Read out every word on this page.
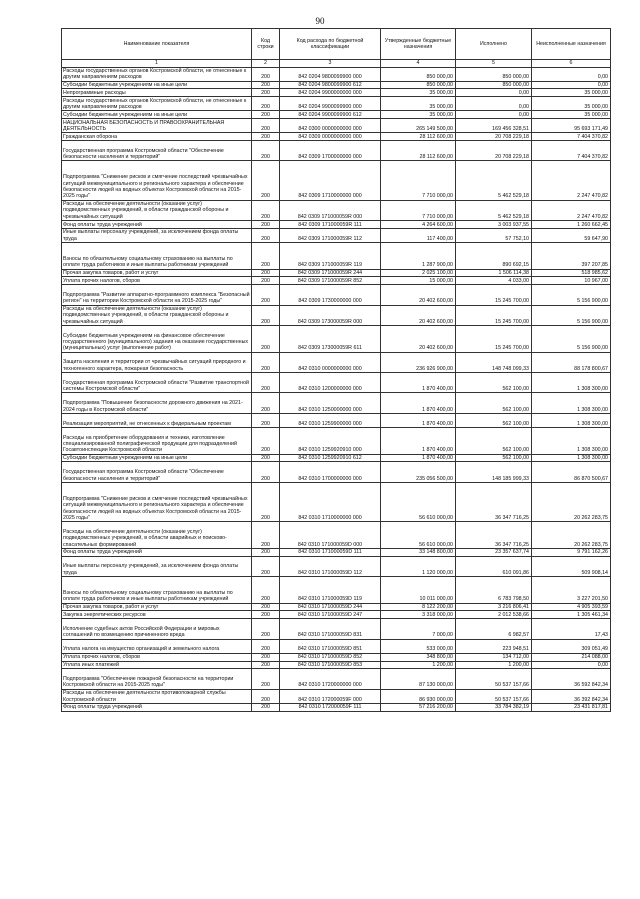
90
Наименование показателя	Код строки	Код расхода по бюджетной классификации	Утвержденные бюджетные назначения	Исполнено	Неисполненные назначения
1	2	3	4	5	6
Расходы государственных органов Костромской области, не отнесенные к другим направлениям расходов	200	842 0204 9800099900 000	850 000,00	850 000,00	0,00
Субсидии бюджетным учреждениям на иные цели	200	842 0204 9800099900 612	850 000,00	850 000,00	0,00
Непрограммные расходы	200	842 0204 9900000000 000	35 000,00	0,00	35 000,00
Расходы государственных органов Костромской области, не отнесенные к другим направлениям расходов	200	842 0204 9900099900 000	35 000,00	0,00	35 000,00
Субсидии бюджетным учреждениям на иные цели	200	842 0204 9900099900 612	35 000,00	0,00	35 000,00
НАЦИОНАЛЬНАЯ БЕЗОПАСНОСТЬ И ПРАВООХРАНИТЕЛЬНАЯ ДЕЯТЕЛЬНОСТЬ	200	842 0300 0000000000 000	265 149 500,00	169 456 328,51	95 693 171,49
Гражданская оборона	200	842 0309 0000000000 000	28 112 600,00	20 708 229,18	7 404 370,82
Государственная программа Костромской области "Обеспечение безопасности населения и территорий"	200	842 0309 1700000000 000	28 112 600,00	20 708 229,18	7 404 370,82
Подпрограмма "Снижение рисков и смягчение последствий чрезвычайных ситуаций межмуниципального и регионального характера и обеспечение безопасности людей на водных объектах Костромской области на 2015-2025 годы"	200	842 0309 1710000000 000	7 710 000,00	5 462 529,18	2 247 470,82
Расходы на обеспечение деятельности (оказание услуг) подведомственных учреждений, в области гражданской обороны и чрезвычайных ситуаций	200	842 0309 171000059R 000	7 710 000,00	5 462 529,18	2 247 470,82
Фонд оплаты труда учреждений	200	842 0309 171000059R 111	4 264 600,00	3 003 937,55	1 260 662,45
Иные выплаты персоналу учреждений, за исключением фонда оплаты труда	200	842 0309 171000059R 112	117 400,00	57 752,10	59 647,90
Взносы по обязательному социальному страхованию на выплаты по оплате труда работников и иные выплаты работникам учреждений	200	842 0309 171000059R 119	1 287 900,00	890 692,15	397 207,85
Прочая закупка товаров, работ и услуг	200	842 0309 171000059R 244	2 025 100,00	1 506 114,38	518 985,62
Уплата прочих налогов, сборов	200	842 0309 171000059R 852	15 000,00	4 033,00	10 967,00
Подпрограмма "Развитие аппаратно-программного комплекса "Безопасный регион" на территории Костромской области на 2015-2025 годы"	200	842 0309 1730000000 000	20 402 600,00	15 245 700,00	5 156 900,00
Расходы на обеспечение деятельности (оказание услуг) подведомственных учреждений, в области гражданской обороны и чрезвычайных ситуаций	200	842 0309 173000059R 000	20 402 600,00	15 245 700,00	5 156 900,00
Субсидии бюджетным учреждениям на финансовое обеспечение государственного (муниципального) задания на оказание государственных (муниципальных) услуг (выполнение работ)	200	842 0309 173000059R 611	20 402 600,00	15 245 700,00	5 156 900,00
Защита населения и территории от чрезвычайных ситуаций природного и техногенного характера, пожарная безопасность	200	842 0310 0000000000 000	236 926 900,00	148 748 099,33	88 178 800,67
Государственная программа Костромской области "Развитие транспортной системы Костромской области"	200	842 0310 1200000000 000	1 870 400,00	562 100,00	1 308 300,00
Подпрограмма "Повышение безопасности дорожного движения на 2021-2024 годы в Костромской области"	200	842 0310 1250000000 000	1 870 400,00	562 100,00	1 308 300,00
Реализация мероприятий, не отнесенных к федеральным проектам	200	842 0310 1259900000 000	1 870 400,00	562 100,00	1 308 300,00
Расходы на приобретение оборудования и техники, изготовление специализированной полиграфической продукции для подразделений Госавтоинспекции Костромской области	200	842 0310 1259920910 000	1 870 400,00	562 100,00	1 308 300,00
Субсидии бюджетным учреждениям на иные цели	200	842 0310 1259920910 612	1 870 400,00	562 100,00	1 308 300,00
Государственная программа Костромской области "Обеспечение безопасности населения и территорий"	200	842 0310 1700000000 000	235 056 500,00	148 185 999,33	86 870 500,67
Подпрограмма "Снижение рисков и смягчение последствий чрезвычайных ситуаций межмуниципального и регионального характера и обеспечение безопасности людей на водных объектах Костромской области на 2015-2025 годы"	200	842 0310 1710000000 000	56 610 000,00	36 347 716,25	20 262 283,75
Расходы на обеспечение деятельности (оказание услуг) подведомственных учреждений, в области аварийных и поисково-спасательных формирований	200	842 0310 171000059D 000	56 610 000,00	36 347 716,25	20 262 283,75
Фонд оплаты труда учреждений	200	842 0310 171000059D 111	33 148 800,00	23 357 637,74	9 791 162,26
Иные выплаты персоналу учреждений, за исключением фонда оплаты труда	200	842 0310 171000059D 112	1 120 000,00	610 091,86	509 908,14
Взносы по обязательному социальному страхованию на выплаты по оплате труда работников и иные выплаты работникам учреждений	200	842 0310 171000059D 119	10 011 000,00	6 783 798,50	3 227 201,50
Прочая закупка товаров, работ и услуг	200	842 0310 171000059D 244	8 122 200,00	3 216 806,41	4 905 393,59
Закупка энергетических ресурсов	200	842 0310 171000059D 247	3 318 000,00	2 012 538,66	1 305 461,34
Исполнение судебных актов Российской Федерации и мировых соглашений по возмещению причиненного вреда	200	842 0310 171000059D 831	7 000,00	6 982,57	17,43
Уплата налога на имущество организаций и земельного налога	200	842 0310 171000059D 851	533 000,00	223 948,51	309 051,49
Уплата прочих налогов, сборов	200	842 0310 171000059D 852	348 800,00	134 712,00	214 088,00
Уплата иных платежей	200	842 0310 171000059D 853	1 200,00	1 200,00	0,00
Подпрограмма "Обеспечение пожарной безопасности на территории Костромской области на 2015-2025 годы"	200	842 0310 1720000000 000	87 130 000,00	50 537 157,66	36 592 842,34
Расходы на обеспечение деятельности противопожарной службы Костромской области	200	842 0310 172000059F 000	86 930 000,00	50 537 157,66	36 392 842,34
Фонд оплаты труда учреждений	200	842 0310 172000059F 111	57 216 200,00	33 784 382,19	23 431 817,81
